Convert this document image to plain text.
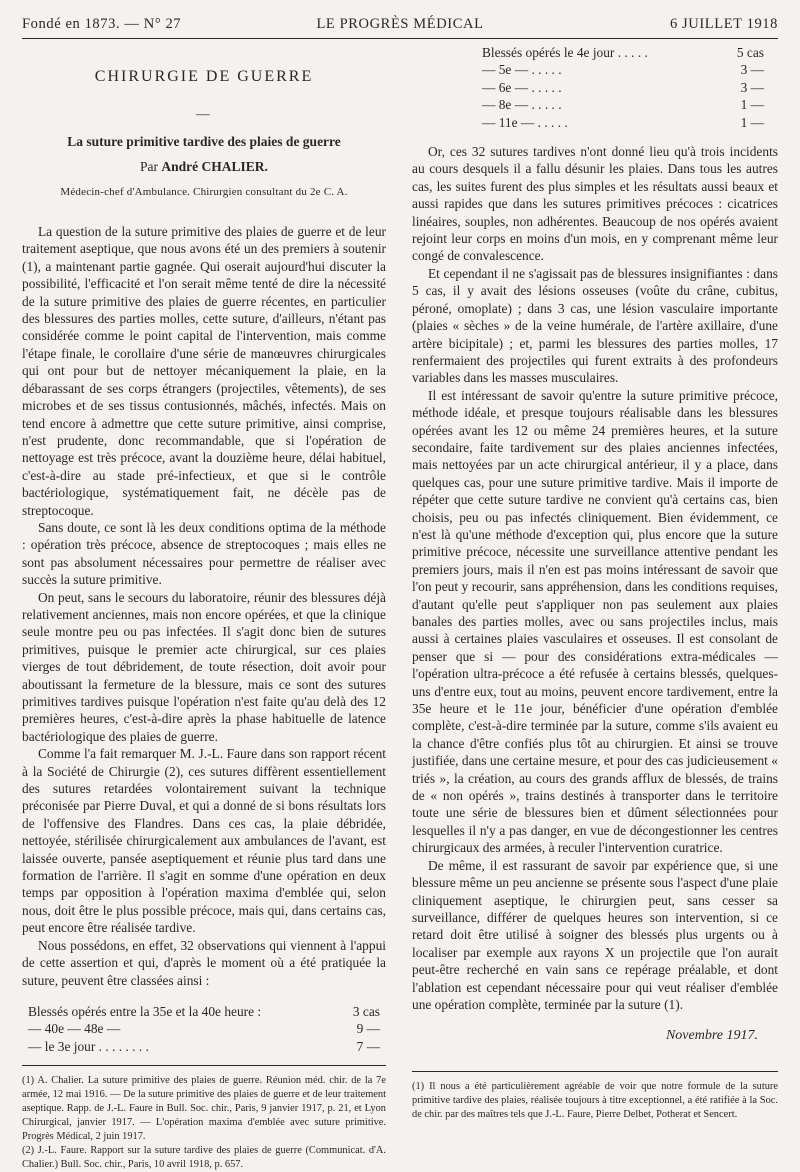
Fondé en 1873. — N° 27	LE PROGRÈS MÉDICAL	6 JUILLET 1918
CHIRURGIE DE GUERRE
—
La suture primitive tardive des plaies de guerre
Par André CHALIER.
Médecin-chef d'Ambulance. Chirurgien consultant du 2e C. A.

La question de la suture primitive des plaies de guerre et de leur traitement aseptique, que nous avons été un des premiers à soutenir (1), a maintenant partie gagnée. Qui oserait aujourd'hui discuter la possibilité, l'efficacité et l'on serait même tenté de dire la nécessité de la suture primitive des plaies de guerre récentes, en particulier des blessures des parties molles, cette suture, d'ailleurs, n'étant pas considérée comme le point capital de l'intervention, mais comme l'étape finale, le corollaire d'une série de manœuvres chirurgicales qui ont pour but de nettoyer mécaniquement la plaie, en la débarassant de ses corps étrangers (projectiles, vêtements), de ses microbes et de ses tissus contusionnés, mâchés, infectés. Mais on tend encore à admettre que cette suture primitive, ainsi comprise, n'est prudente, donc recommandable, que si l'opération de nettoyage est très précoce, avant la douzième heure, délai habituel, c'est-à-dire au stade pré-infectieux, et que si le contrôle bactériologique, systématiquement fait, ne décèle pas de streptocoque.

Sans doute, ce sont là les deux conditions optima de la méthode : opération très précoce, absence de streptocoques ; mais elles ne sont pas absolument nécessaires pour permettre de réaliser avec succès la suture primitive.

On peut, sans le secours du laboratoire, réunir des blessures déjà relativement anciennes, mais non encore opérées, et que la clinique seule montre peu ou pas infectées. Il s'agit donc bien de sutures primitives, puisque le premier acte chirurgical, sur ces plaies vierges de tout débridement, de toute résection, doit avoir pour aboutissant la fermeture de la blessure, mais ce sont des sutures primitives tardives puisque l'opération n'est faite qu'au delà des 12 premières heures, c'est-à-dire après la phase habituelle de latence bactériologique des plaies de guerre.

Comme l'a fait remarquer M. J.-L. Faure dans son rapport récent à la Société de Chirurgie (2), ces sutures diffèrent essentiellement des sutures retardées volontairement suivant la technique préconisée par Pierre Duval, et qui a donné de si bons résultats lors de l'offensive des Flandres. Dans ces cas, la plaie débridée, nettoyée, stérilisée chirurgicalement aux ambulances de l'avant, est laissée ouverte, pansée aseptiquement et réunie plus tard dans une formation de l'arrière. Il s'agit en somme d'une opération en deux temps par opposition à l'opération maxima d'emblée qui, selon nous, doit être le plus possible précoce, mais qui, dans certains cas, peut encore être réalisée tardive.

Nous possédons, en effet, 32 observations qui viennent à l'appui de cette assertion et qui, d'après le moment où a été pratiquée la suture, peuvent être classées ainsi :

Blessés opérés entre la 35e et la 40e heure :	3 cas
— 40e — 48e —	9 —
— le 3e jour . . . . . . . .	7 —

(1) A. Chalier. La suture primitive des plaies de guerre. Réunion méd. chir. de la 7e armée, 12 mai 1916. — De la suture primitive des plaies de guerre et de leur traitement aseptique. Rapp. de J.-L. Faure in Bull. Soc. chir., Paris, 9 janvier 1917, p. 21, et Lyon Chirurgical, janvier 1917. — L'opération maxima d'emblée avec suture primitive. Progrès Médical, 2 juin 1917.

(2) J.-L. Faure. Rapport sur la suture tardive des plaies de guerre (Communicat. d'A. Chalier.) Bull. Soc. chir., Paris, 10 avril 1918, p. 657.

Blessés opérés le 4e jour . . . . .	5 cas
— 5e — . . . . .	3 —
— 6e — . . . . .	3 —
— 8e — . . . . .	1 —
— 11e — . . . . .	1 —

Or, ces 32 sutures tardives n'ont donné lieu qu'à trois incidents au cours desquels il a fallu désunir les plaies. Dans tous les autres cas, les suites furent des plus simples et les résultats aussi beaux et aussi rapides que dans les sutures primitives précoces : cicatrices linéaires, souples, non adhérentes. Beaucoup de nos opérés avaient rejoint leur corps en moins d'un mois, en y comprenant même leur congé de convalescence.

Et cependant il ne s'agissait pas de blessures insignifiantes : dans 5 cas, il y avait des lésions osseuses (voûte du crâne, cubitus, péroné, omoplate) ; dans 3 cas, une lésion vasculaire importante (plaies « sèches » de la veine humérale, de l'artère axillaire, d'une artère bicipitale) ; et, parmi les blessures des parties molles, 17 renfermaient des projectiles qui furent extraits à des profondeurs variables dans les masses musculaires.

Il est intéressant de savoir qu'entre la suture primitive précoce, méthode idéale, et presque toujours réalisable dans les blessures opérées avant les 12 ou même 24 premières heures, et la suture secondaire, faite tardivement sur des plaies anciennes infectées, mais nettoyées par un acte chirurgical antérieur, il y a place, dans quelques cas, pour une suture primitive tardive. Mais il importe de répéter que cette suture tardive ne convient qu'à certains cas, bien choisis, peu ou pas infectés cliniquement. Bien évidemment, ce n'est là qu'une méthode d'exception qui, plus encore que la suture primitive précoce, nécessite une surveillance attentive pendant les premiers jours, mais il n'en est pas moins intéressant de savoir que l'on peut y recourir, sans appréhension, dans les conditions requises, d'autant qu'elle peut s'appliquer non pas seulement aux plaies banales des parties molles, avec ou sans projectiles inclus, mais aussi à certaines plaies vasculaires et osseuses. Il est consolant de penser que si — pour des considérations extra-médicales — l'opération ultra-précoce a été refusée à certains blessés, quelques-uns d'entre eux, tout au moins, peuvent encore tardivement, entre la 35e heure et le 11e jour, bénéficier d'une opération d'emblée complète, c'est-à-dire terminée par la suture, comme s'ils avaient eu la chance d'être confiés plus tôt au chirurgien. Et ainsi se trouve justifiée, dans une certaine mesure, et pour des cas judicieusement « triés », la création, au cours des grands afflux de blessés, de trains de « non opérés », trains destinés à transporter dans le territoire toute une série de blessures bien et dûment sélectionnées pour lesquelles il n'y a pas danger, en vue de décongestionner les centres chirurgicaux des armées, à reculer l'intervention curatrice.

De même, il est rassurant de savoir par expérience que, si une blessure même un peu ancienne se présente sous l'aspect d'une plaie cliniquement aseptique, le chirurgien peut, sans cesser sa surveillance, différer de quelques heures son intervention, si ce retard doit être utilisé à soigner des blessés plus urgents ou à localiser par exemple aux rayons X un projectile que l'on aurait peut-être recherché en vain sans ce repérage préalable, et dont l'ablation est cependant nécessaire pour qui veut réaliser d'emblée une opération complète, terminée par la suture (1).

Novembre 1917.

(1) Il nous a été particulièrement agréable de voir que notre formule de la suture primitive tardive des plaies, réalisée toujours à titre exceptionnel, a été ratifiée à la Soc. de chir. par des maîtres tels que J.-L. Faure, Pierre Delbet, Potherat et Sencert.
